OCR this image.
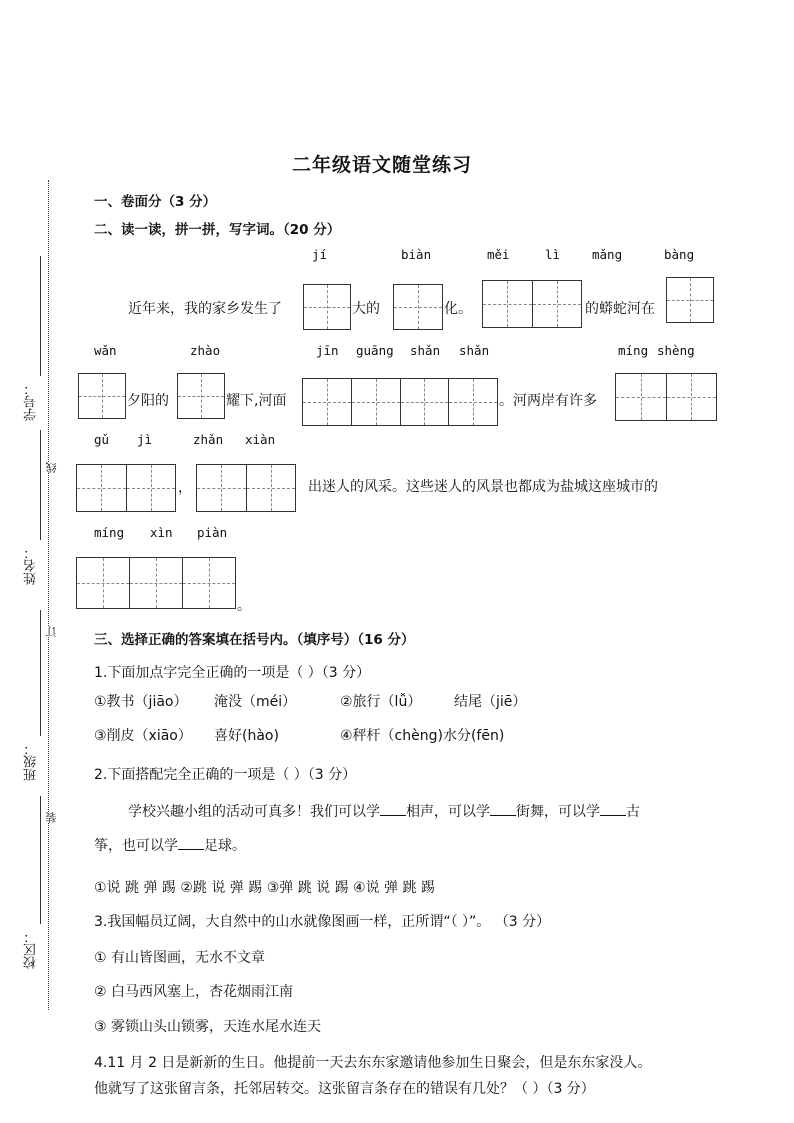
线
订
装
学号：
姓名：
班级：
校区：
二年级语文随堂练习
一、卷面分（3 分）
二、读一读，拼一拼，写字词。（20 分）
jí	biàn	měi	lì	mǎng	bàng
近年来，我的家乡发生了	大的	化。	的蟒蛇河在
wǎn	zhào	jīn guāng shǎn shǎn	míng shèng
夕阳的	耀下,河面	。河两岸有许多
gǔ jì	zhǎn xiàn
，	出迷人的风采。这些迷人的风景也都成为盐城这座城市的
míng xìn piàn
。
三、选择正确的答案填在括号内。（填序号）（16 分）
1.下面加点字完全正确的一项是（ ）（3 分）
①教书（jiāo） 淹没（méi）	②旅行（lǚ） 结尾（jiē）
③削皮（xiāo） 喜好(hào)	④秤杆（chèng)水分(fēn)
2.下面搭配完全正确的一项是（ ）（3 分）
学校兴趣小组的活动可真多！我们可以学 相声，可以学 街舞，可以学 古
筝，也可以学 足球。
①说 跳 弹 踢 ②跳 说 弹 踢 ③弹 跳 说 踢 ④说 弹 跳 踢
3.我国幅员辽阔，大自然中的山水就像图画一样，正所谓“（ ）”。 （3 分）
① 有山皆图画，无水不文章
② 白马西风塞上，杏花烟雨江南
③ 雾锁山头山锁雾，天连水尾水连天
4.11 月 2 日是新新的生日。他提前一天去东东家邀请他参加生日聚会，但是东东家没人。
他就写了这张留言条，托邻居转交。这张留言条存在的错误有几处？（ ）（3 分）
